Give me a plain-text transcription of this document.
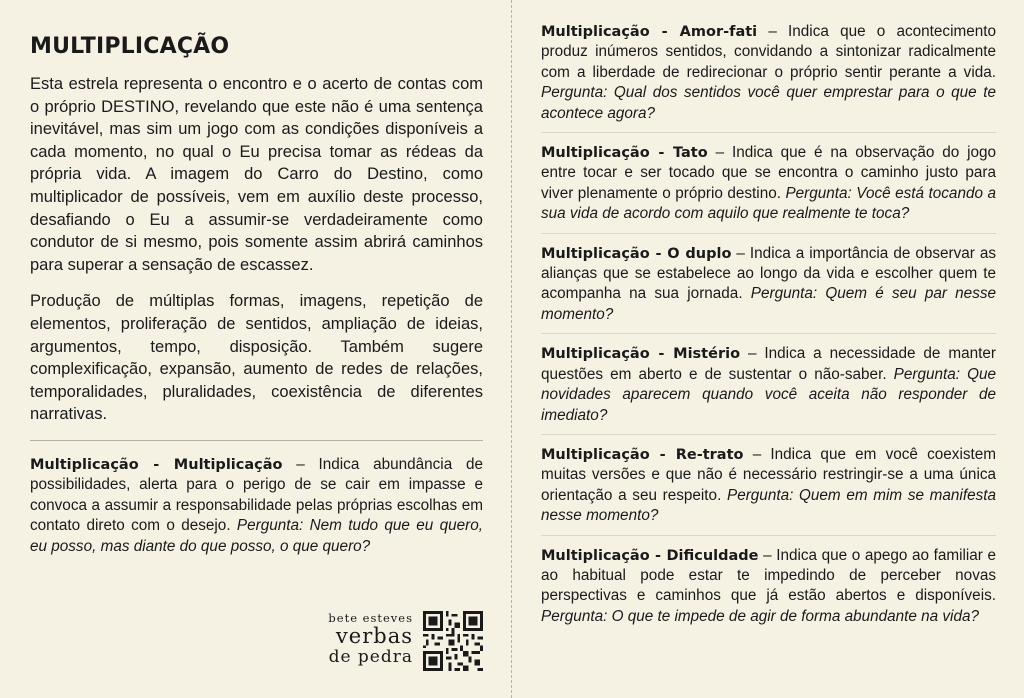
MULTIPLICAÇÃO

Esta estrela representa o encontro e o acerto de contas com o próprio DESTINO, revelando que este não é uma sentença inevitável, mas sim um jogo com as condições disponíveis a cada momento, no qual o Eu precisa tomar as rédeas da própria vida. A imagem do Carro do Destino, como multiplicador de possíveis, vem em auxílio deste processo, desafiando o Eu a assumir-se verdadeiramente como condutor de si mesmo, pois somente assim abrirá caminhos para superar a sensação de escassez.

Produção de múltiplas formas, imagens, repetição de elementos, proliferação de sentidos, ampliação de ideias, argumentos, tempo, disposição. Também sugere complexificação, expansão, aumento de redes de relações, temporalidades, pluralidades, coexistência de diferentes narrativas.

Multiplicação - Multiplicação – Indica abundância de possibilidades, alerta para o perigo de se cair em impasse e convoca a assumir a responsabilidade pelas próprias escolhas em contato direto com o desejo. Pergunta: Nem tudo que eu quero, eu posso, mas diante do que posso, o que quero?

Multiplicação - Amor-fati – Indica que o acontecimento produz inúmeros sentidos, convidando a sintonizar radicalmente com a liberdade de redirecionar o próprio sentir perante a vida. Pergunta: Qual dos sentidos você quer emprestar para o que te acontece agora?

Multiplicação - Tato – Indica que é na observação do jogo entre tocar e ser tocado que se encontra o caminho justo para viver plenamente o próprio destino. Pergunta: Você está tocando a sua vida de acordo com aquilo que realmente te toca?

Multiplicação - O duplo – Indica a importância de observar as alianças que se estabelece ao longo da vida e escolher quem te acompanha na sua jornada. Pergunta: Quem é seu par nesse momento?

Multiplicação - Mistério – Indica a necessidade de manter questões em aberto e de sustentar o não-saber. Pergunta: Que novidades aparecem quando você aceita não responder de imediato?

Multiplicação - Re-trato – Indica que em você coexistem muitas versões e que não é necessário restringir-se a uma única orientação a seu respeito. Pergunta: Quem em mim se manifesta nesse momento?

Multiplicação - Dificuldade – Indica que o apego ao familiar e ao habitual pode estar te impedindo de perceber novas perspectivas e caminhos que já estão abertos e disponíveis. Pergunta: O que te impede de agir de forma abundante na vida?

bete esteves
verbas
de pedra
